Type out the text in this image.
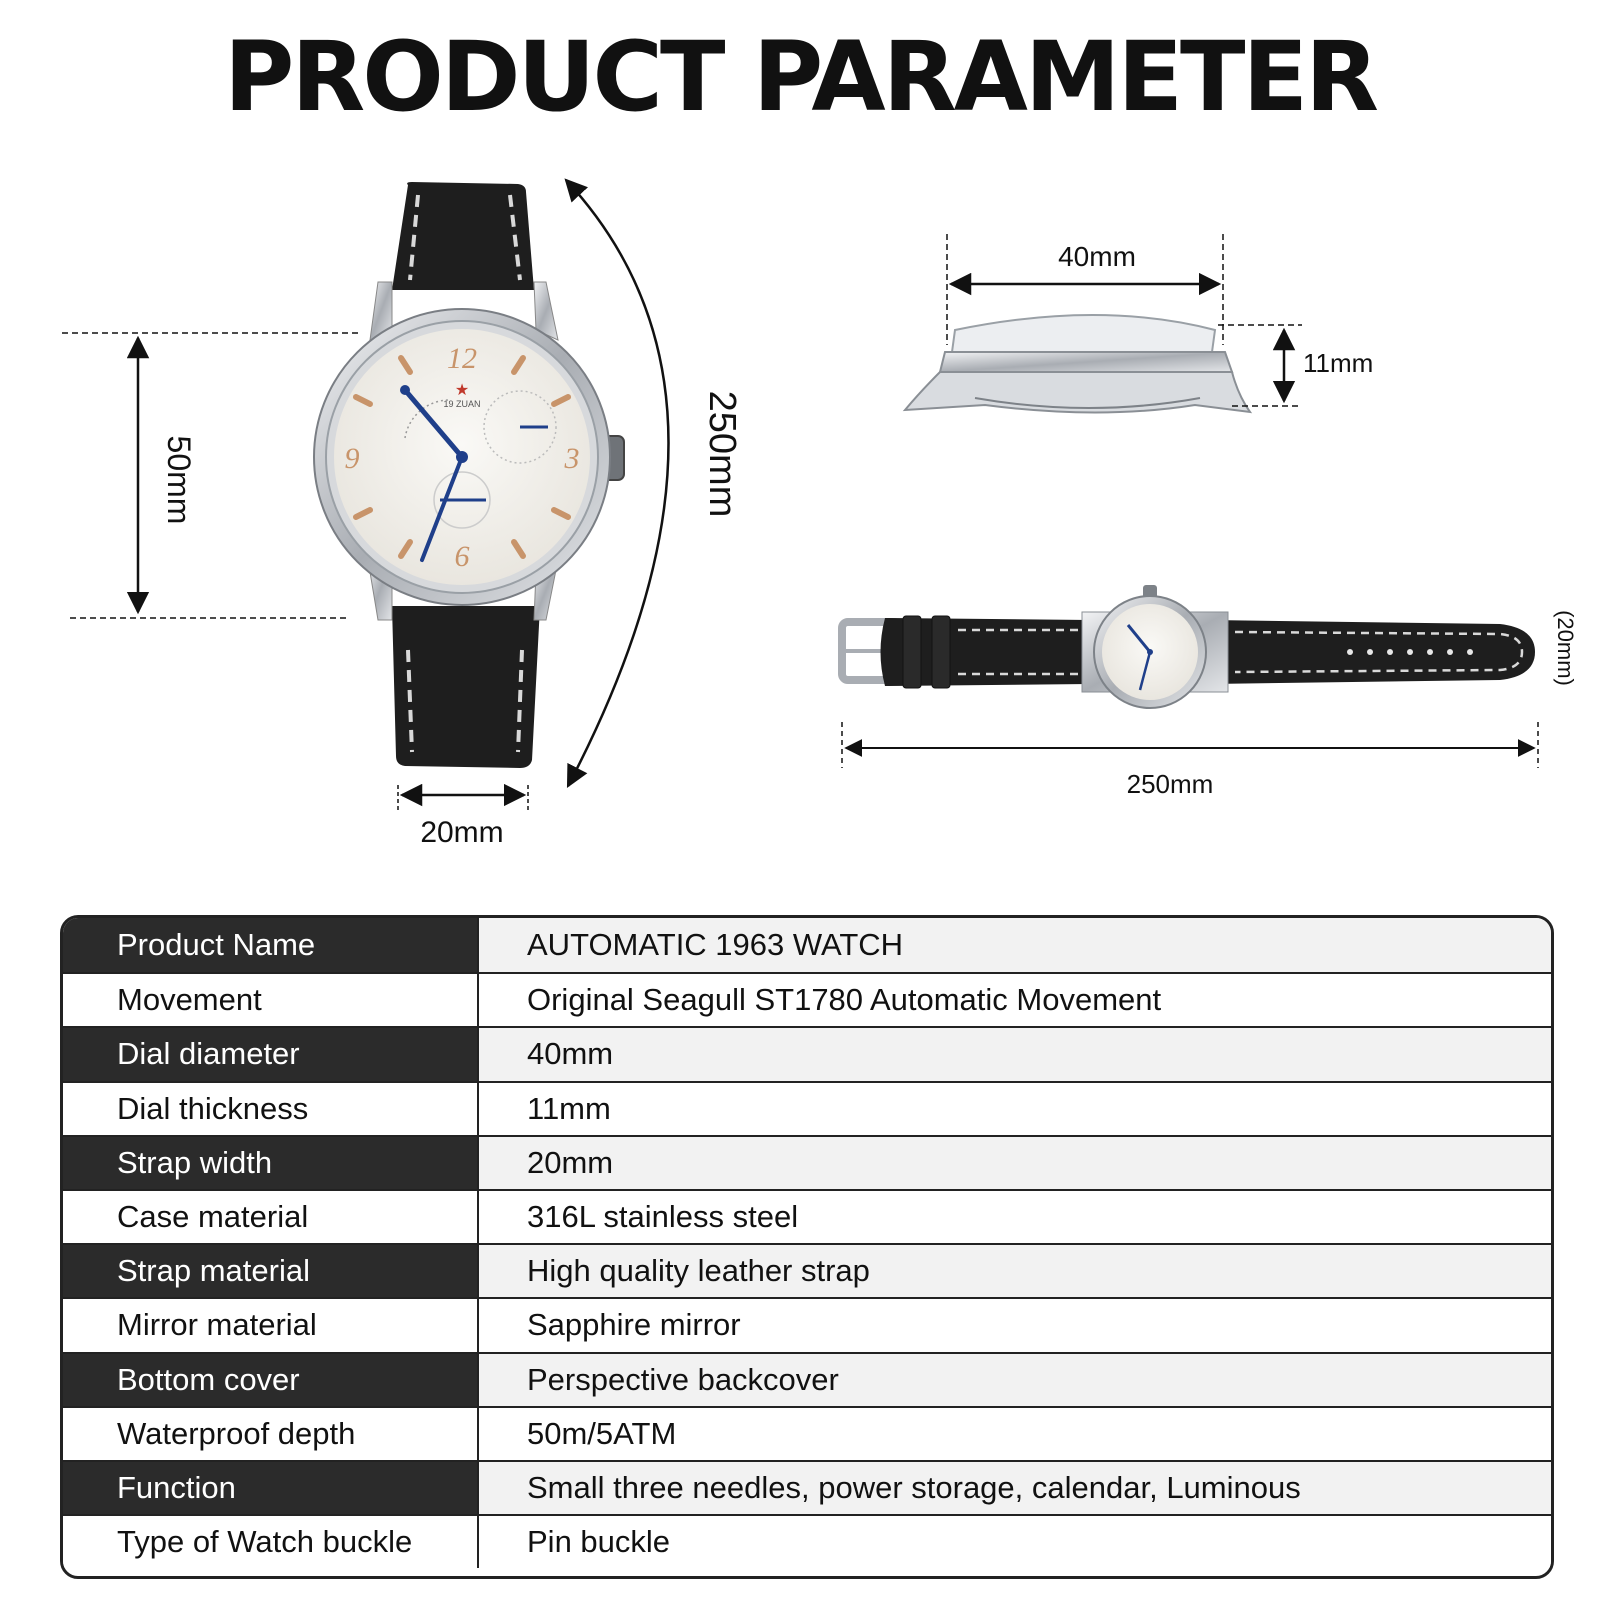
PRODUCT PARAMETER
12
3
6
9
★
19 ZUAN
50mm	250mm
20mm
40mm
11mm
(20mm)
250mm
Product Name	AUTOMATIC 1963 WATCH
Movement	Original Seagull ST1780 Automatic Movement
Dial diameter	40mm
Dial thickness	11mm
Strap width	20mm
Case material	316L stainless steel
Strap material	High quality leather strap
Mirror material	Sapphire mirror
Bottom cover	Perspective backcover
Waterproof depth	50m/5ATM
Function	Small three needles, power storage, calendar, Luminous
Type of Watch buckle	Pin buckle
